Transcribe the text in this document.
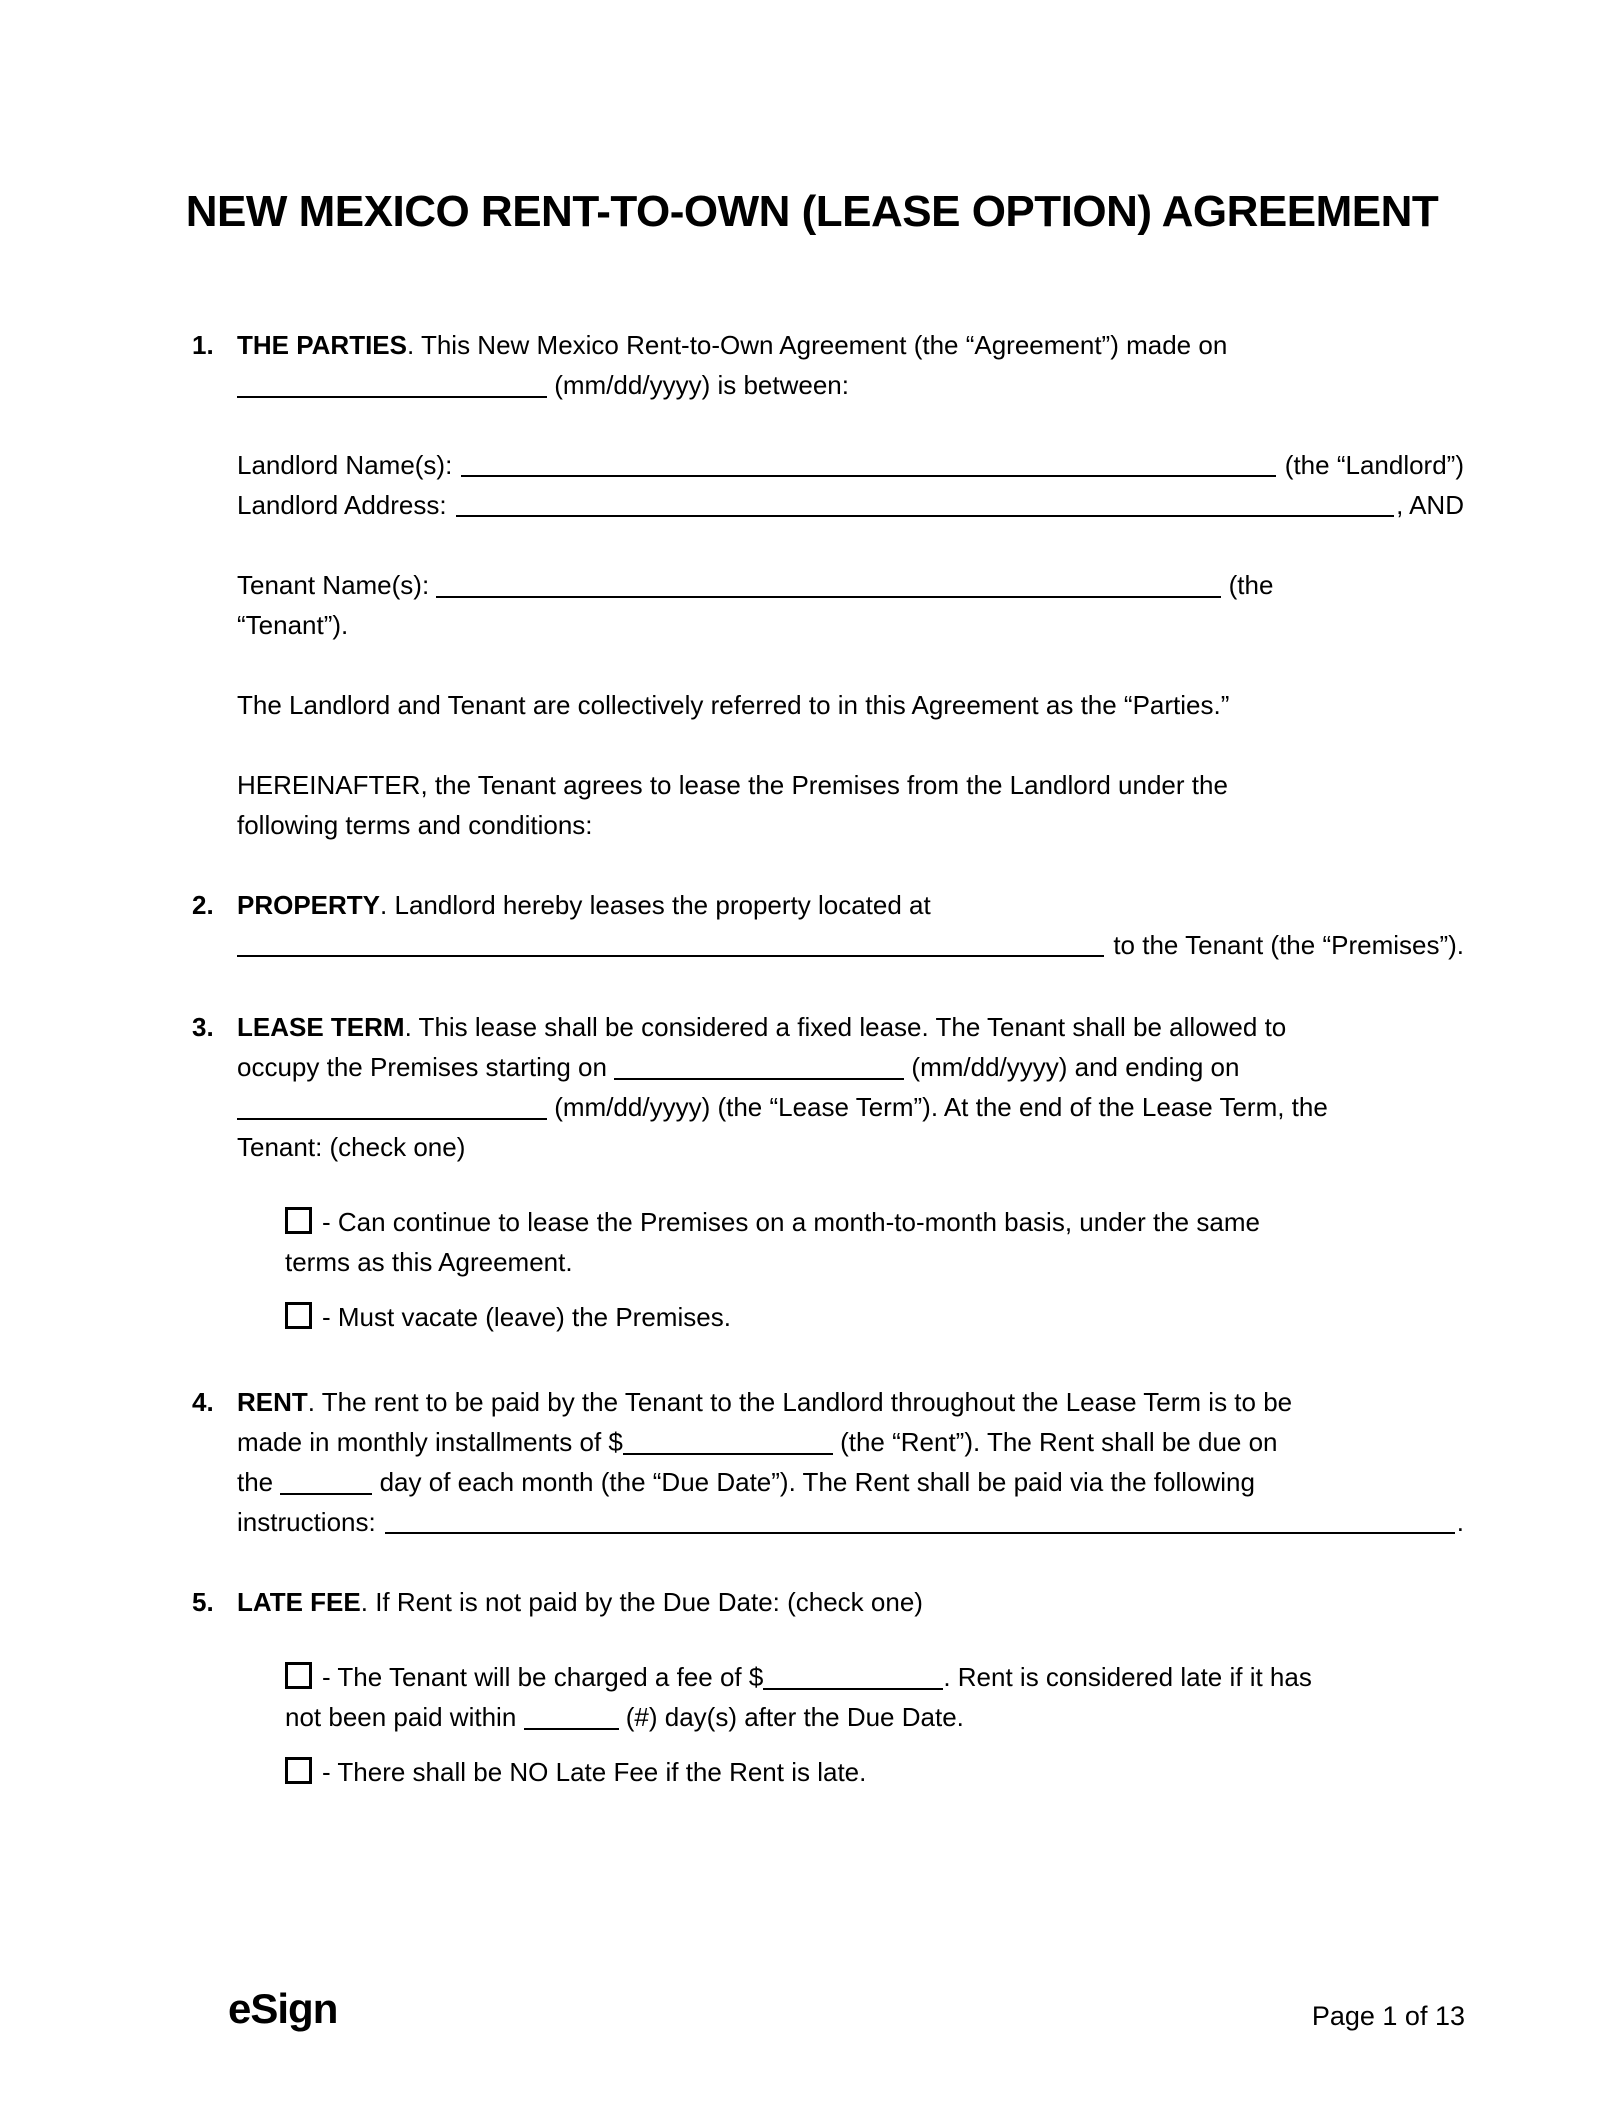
NEW MEXICO RENT-TO-OWN (LEASE OPTION) AGREEMENT
1. THE PARTIES. This New Mexico Rent-to-Own Agreement (the “Agreement”) made on
(mm/dd/yyyy) is between:
Landlord Name(s):	(the “Landlord”)
Landlord Address:	, AND
Tenant Name(s):	(the
“Tenant”).
The Landlord and Tenant are collectively referred to in this Agreement as the “Parties.”
HEREINAFTER, the Tenant agrees to lease the Premises from the Landlord under the
following terms and conditions:
2. PROPERTY. Landlord hereby leases the property located at
to the Tenant (the “Premises”).
3. LEASE TERM. This lease shall be considered a fixed lease. The Tenant shall be allowed to
occupy the Premises starting on	(mm/dd/yyyy) and ending on
(mm/dd/yyyy) (the “Lease Term”). At the end of the Lease Term, the
Tenant: (check one)
- Can continue to lease the Premises on a month-to-month basis, under the same
terms as this Agreement.
- Must vacate (leave) the Premises.
4. RENT. The rent to be paid by the Tenant to the Landlord throughout the Lease Term is to be
made in monthly installments of $	(the “Rent”). The Rent shall be due on
the	day of each month (the “Due Date”). The Rent shall be paid via the following
instructions:	.
5. LATE FEE. If Rent is not paid by the Due Date: (check one)
- The Tenant will be charged a fee of $	. Rent is considered late if it has
not been paid within	(#) day(s) after the Due Date.
- There shall be NO Late Fee if the Rent is late.
eSign	Page 1 of 13
